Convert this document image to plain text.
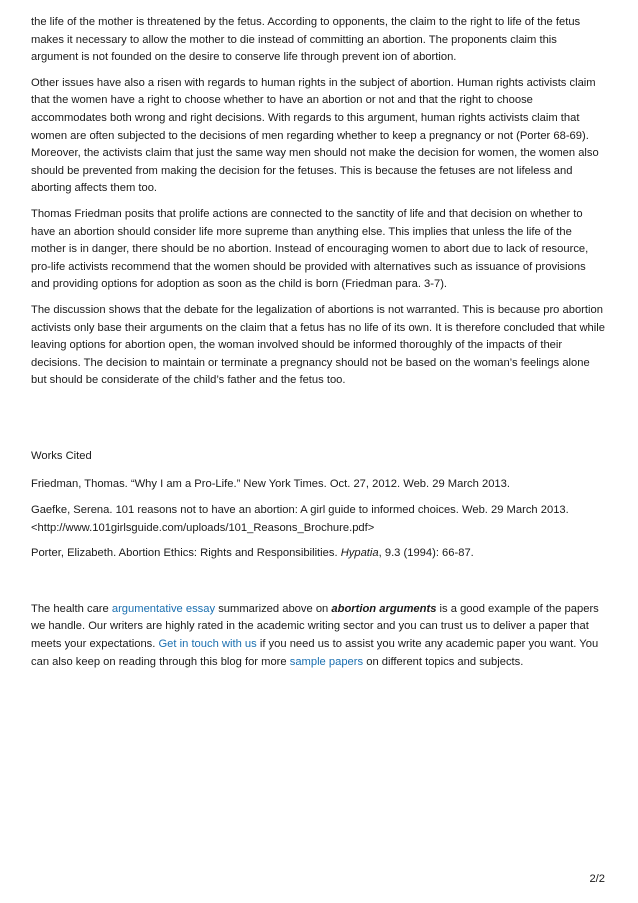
the life of the mother is threatened by the fetus. According to opponents, the claim to the right to life of the fetus makes it necessary to allow the mother to die instead of committing an abortion. The proponents claim this argument is not founded on the desire to conserve life through prevent ion of abortion.

Other issues have also a risen with regards to human rights in the subject of abortion. Human rights activists claim that the women have a right to choose whether to have an abortion or not and that the right to choose accommodates both wrong and right decisions. With regards to this argument, human rights activists claim that women are often subjected to the decisions of men regarding whether to keep a pregnancy or not (Porter 68-69). Moreover, the activists claim that just the same way men should not make the decision for women, the women also should be prevented from making the decision for the fetuses. This is because the fetuses are not lifeless and aborting affects them too.

Thomas Friedman posits that prolife actions are connected to the sanctity of life and that decision on whether to have an abortion should consider life more supreme than anything else. This implies that unless the life of the mother is in danger, there should be no abortion. Instead of encouraging women to abort due to lack of resource, pro-life activists recommend that the women should be provided with alternatives such as issuance of provisions and providing options for adoption as soon as the child is born (Friedman para. 3-7).

The discussion shows that the debate for the legalization of abortions is not warranted. This is because pro abortion activists only base their arguments on the claim that a fetus has no life of its own. It is therefore concluded that while leaving options for abortion open, the woman involved should be informed thoroughly of the impacts of their decisions. The decision to maintain or terminate a pregnancy should not be based on the woman’s feelings alone but should be considerate of the child’s father and the fetus too.

Works Cited

Friedman, Thomas. “Why I am a Pro-Life.” New York Times. Oct. 27, 2012. Web. 29 March 2013.

Gaefke, Serena. 101 reasons not to have an abortion: A girl guide to informed choices. Web. 29 March 2013.

<http://www.101girlsguide.com/uploads/101_Reasons_Brochure.pdf>

Porter, Elizabeth. Abortion Ethics: Rights and Responsibilities. Hypatia, 9.3 (1994): 66-87.

The health care argumentative essay summarized above on abortion arguments is a good example of the papers we handle. Our writers are highly rated in the academic writing sector and you can trust us to deliver a paper that meets your expectations. Get in touch with us if you need us to assist you write any academic paper you want. You can also keep on reading through this blog for more sample papers on different topics and subjects.

2/2
